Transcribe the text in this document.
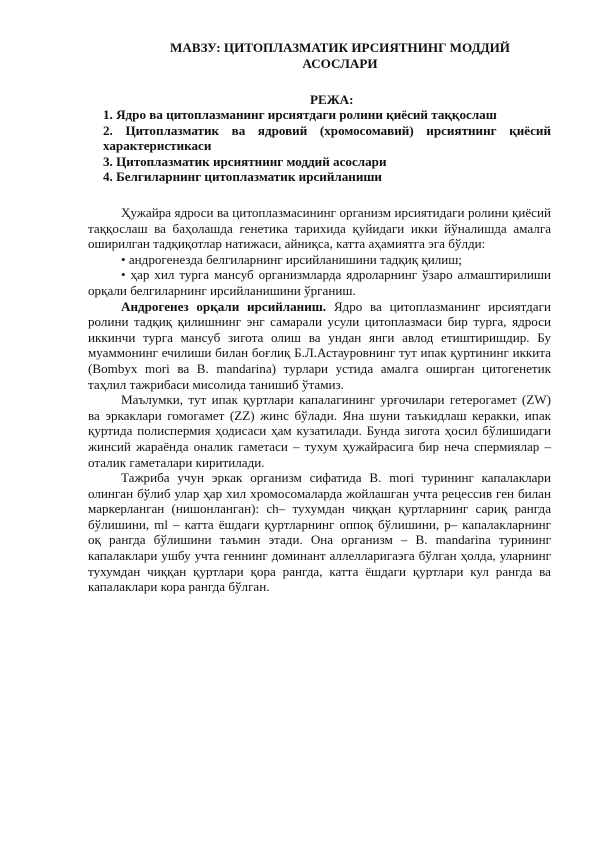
МАВЗУ: ЦИТОПЛАЗМАТИК ИРСИЯТНИНГ МОДДИЙ АСОСЛАРИ
РЕЖА:
1. Ядро ва цитоплазманинг ирсиятдаги ролини қиёсий таққослаш
2. Цитоплазматик ва ядровий (хромосомавий) ирсиятнинг қиёсий характеристикаси
3. Цитоплазматик ирсиятнинг моддий асослари
4. Белгиларнинг цитоплазматик ирсийланиши

Ҳужайра ядроси ва цитоплазмасининг организм ирсиятидаги ролини қиёсий таққослаш ва баҳолашда генетика тарихида қуйидаги икки йўналишда амалга оширилган тадқиқотлар натижаси, айниқса, катта аҳамиятга эга бўлди:

• андрогенезда белгиларнинг ирсийланишини тадқиқ қилиш;

• ҳар хил турга мансуб организмларда ядроларнинг ўзаро алмаштирилиши орқали белгиларнинг ирсийланишини ўрганиш.

Андрогенез орқали ирсийланиш. Ядро ва цитоплазманинг ирсиятдаги ролини тадқиқ қилишнинг энг самарали усули цитоплазмаси бир турга, ядроси иккинчи турга мансуб зигота олиш ва ундан янги авлод етиштиришдир. Бу муаммонинг ечилиши билан боғлиқ Б.Л.Астауровнинг тут ипак қуртининг иккита (Bombyx mori ва B. mandarina) турлари устида амалга оширган цитогенетик таҳлил тажрибаси мисолида танишиб ўтамиз.

Маълумки, тут ипак қуртлари капалагининг урғочилари гетерогамет (ZW) ва эркаклари гомогамет (ZZ) жинс бўлади. Яна шуни таъкидлаш керакки, ипак қуртида полиспермия ҳодисаси ҳам кузатилади. Бунда зигота ҳосил бўлишидаги жинсий жараёнда оналик гаметаси – тухум ҳужайрасига бир неча спермиялар – оталик гаметалари киритилади.

Тажриба учун эркак организм сифатида B. mori турининг капалаклари олинган бўлиб улар ҳар хил хромосомаларда жойлашган учта рецессив ген билан маркерланган (нишонланган): ch– тухумдан чиққан қуртларнинг сариқ рангда бўлишини, ml – катта ёшдаги қуртларнинг оппоқ бўлишини, p– капалакларнинг оқ рангда бўлишини таъмин этади. Она организм – B. mandarina турининг капалаклари ушбу учта геннинг доминант аллелларигаэга бўлган ҳолда, уларнинг тухумдан чиққан қуртлари қора рангда, катта ёшдаги қуртлари кул рангда ва капалаклари кора рангда бўлган.
